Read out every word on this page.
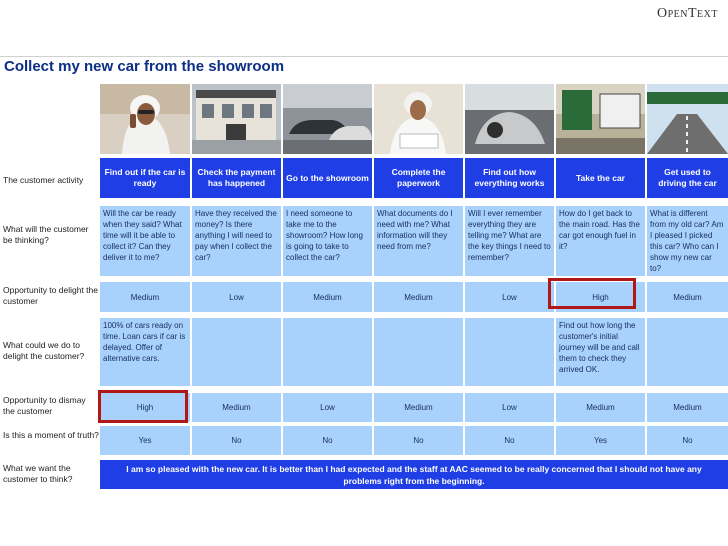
OpenText
Collect my new car from the showroom
The customer activity
What will the customer be thinking?
Opportunity to delight the customer
What could we do to delight the customer?
Opportunity to dismay the customer
Is this a moment of truth?
What we want the customer to think?
Find out if the car is ready
Will the car be ready when they said? What time will it be able to collect it? Can they deliver it to me?
Medium
100% of cars ready on time. Loan cars if car is delayed. Offer of alternative cars.
High
Yes
Check the payment has happened
Have they received the money? Is there anything I will need to pay when I collect the car?
Low
Medium
No
Go to the showroom
I need someone to take me to the showroom? How long is going to take to collect the car?
Medium
Low
No
Complete the paperwork
What documents do I need with me? What information will they need from me?
Medium
Medium
No
Find out how everything works
Will I ever remember everything they are telling me? What are the key things I need to remember?
Low
Low
No
Take the car
How do I get back to the main road. Has the car got enough fuel in it?
High
Find out how long the customer's initial journey will be and call them to check they arrived OK.
Medium
Yes
Get used to driving the car
What is different from my old car? Am I pleased I picked this car? Who can I show my new car to?
Medium
Medium
No
I am so pleased with the new car. It is better than I had expected and the staff at AAC seemed to be really concerned that I should not have any problems right from the beginning.
